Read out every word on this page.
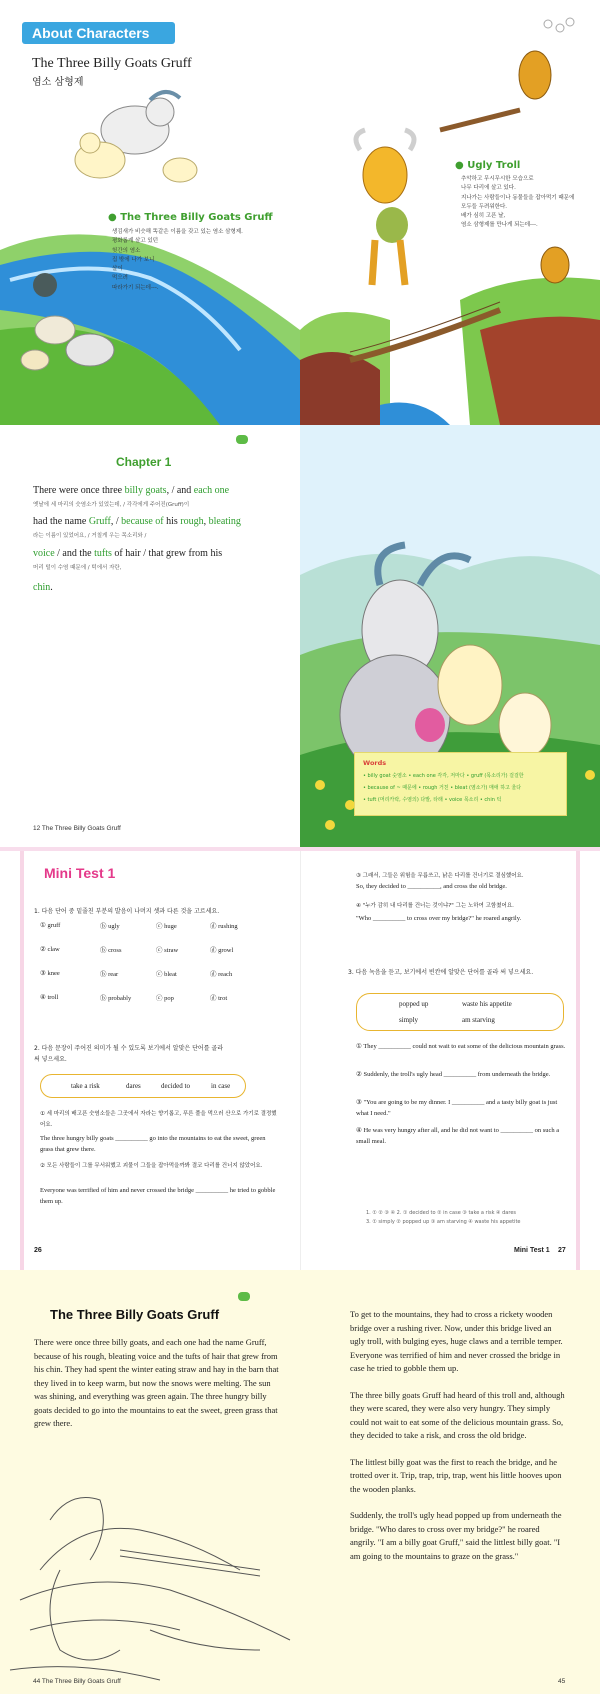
About Characters
The Three Billy Goats Gruff
염소 삼형제
● The Three Billy Goats Gruff
생김새가 비슷해 똑같은 이름을 갖고 있는 염소 삼형제.
평화롭게 살고 있던
헛간의 염소
집 밖에 나가 보니
살이
먹으려
따라가기 되는데---.
● Ugly Troll
추악하고 무시무시한 모습으로
나무 다리에 살고 있다.
지나가는 사람들이나 동물들을 잡아먹기 때문에
모두들 두려워한다.
배가 심히 고픈 날,
염소 삼형제를 만나게 되는데---.
Chapter 1
There were once three billy goats, / and each one
옛날에 세 마리의 숫염소가 있었는데, / 각각에게 주어진(Gruff)이
had the name Gruff, / because of his rough, bleating
라는 이름이 있었어요, / 거칠게 우는 목소리와 /
voice / and the tufts of hair / that grew from his
머리 털이 수염 때문에 / 턱에서 자란,
chin.
Words
• billy goat 숫염소 • each one 각각, 저마다 • gruff (목소리가) 걸걸한
• because of ~ 때문에 • rough 거친 • bleat (염소가) 매애 하고 울다
• tuft (머리카락, 수염의) 다발, 타래 • voice 목소리 • chin 턱
12 The Three Billy Goats Gruff
Mini Test 1
1. 다음 단어 중 밑줄친 부분의 발음이 나머지 셋과 다른 것을 고르세요.
① gruff	ⓑ ugly	ⓒ huge	ⓓ rushing
② claw	ⓑ cross	ⓒ straw	ⓓ growl
③ knee	ⓑ rear	ⓒ bleat	ⓓ reach
④ troll	ⓑ probably	ⓒ pop	ⓓ trot
2. 다음 문장이 주어진 의미가 될 수 있도록 보기에서 알맞은 단어를 골라
써 넣으세요.
take a risk	dares	decided to	in case
① 세 마리의 배고픈 숫염소들은 그곳에서 자라는 향기롭고, 푸른 풀을 먹으러 산으로 가기로 결정했어요.
The three hungry billy goats __________ go into the mountains to eat the sweet, green grass that grew there.
② 모든 사람들이 그를 무서워했고 괴물이 그들을 잡아먹을까봐 결코 다리를 건너지 않았어요.
Everyone was terrified of him and never crossed the bridge __________ he tried to gobble them up.
③ 그래서, 그들은 위험을 무릅쓰고, 낡은 다리를 건너기로 결심했어요.
So, they decided to __________, and cross the old bridge.
④ "누가 감히 내 다리를 건너는 것이냐?" 그는 노하여 고함쳤어요.
"Who __________ to cross over my bridge?" he roared angrily.
3. 다음 녹음을 듣고, 보기에서 빈칸에 알맞은 단어를 골라 써 넣으세요.
popped up	waste his appetite
simply	am starving
① They __________ could not wait to eat some of the delicious mountain grass.
② Suddenly, the troll's ugly head __________ from underneath the bridge.
③ "You are going to be my dinner. I __________ and a tasty billy goat is just what I need."
④ He was very hungry after all, and he did not want to __________ on such a small meal.
1. ① ② ③ ④ 2. ① decided to ② in case ③ take a risk ④ dares
3. ① simply ② popped up ③ am starving ④ waste his appetite
26	Mini Test 1 27
The Three Billy Goats Gruff
There were once three billy goats, and each one had the name Gruff, because of his rough, bleating voice and the tufts of hair that grew from his chin. They had spent the winter eating straw and hay in the barn that they lived in to keep warm, but now the snows were melting. The sun was shining, and everything was green again. The three hungry billy goats decided to go into the mountains to eat the sweet, green grass that grew there.

To get to the mountains, they had to cross a rickety wooden bridge over a rushing river. Now, under this bridge lived an ugly troll, with bulging eyes, huge claws and a terrible temper. Everyone was terrified of him and never crossed the bridge in case he tried to gobble them up.

The three billy goats Gruff had heard of this troll and, although they were scared, they were also very hungry. They simply could not wait to eat some of the delicious mountain grass. So, they decided to take a risk, and cross the old bridge.

The littlest billy goat was the first to reach the bridge, and he trotted over it. Trip, trap, trip, trap, went his little hooves upon the wooden planks.

Suddenly, the troll's ugly head popped up from underneath the bridge. "Who dares to cross over my bridge?" he roared angrily. "I am a billy goat Gruff," said the littlest billy goat. "I am going to the mountains to graze on the grass."

44 The Three Billy Goats Gruff	45
